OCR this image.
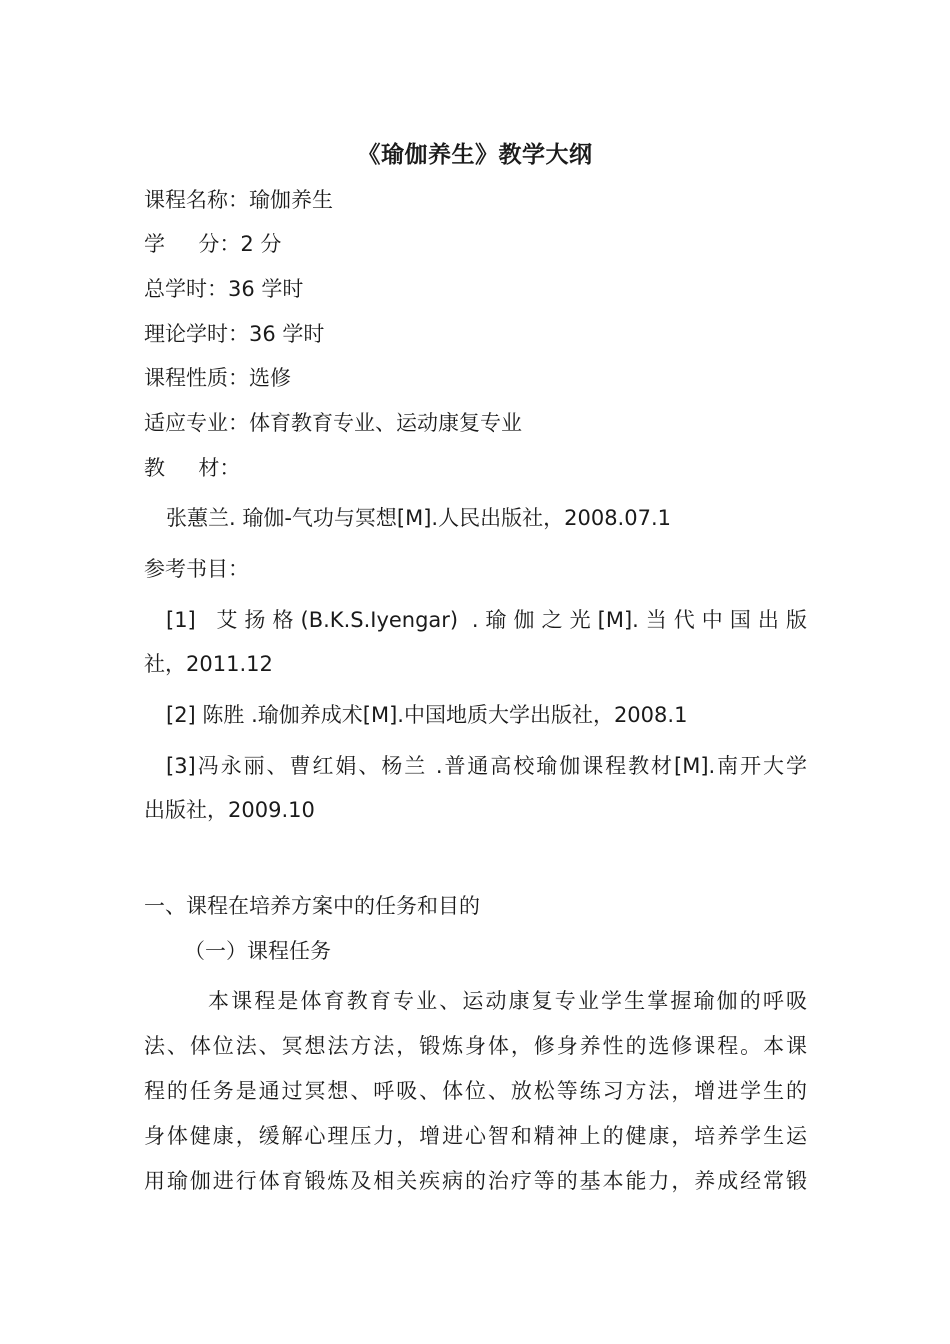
《瑜伽养生》教学大纲
课程名称：瑜伽养生
学     分：2 分
总学时：36 学时
理论学时：36 学时
课程性质：选修
适应专业：体育教育专业、运动康复专业
教     材：
张蕙兰. 瑜伽-气功与冥想[M].人民出版社，2008.07.1
参考书目：
[1]   艾 扬 格 (B.K.S.Iyengar)  . 瑜 伽 之 光 [M]. 当 代 中 国 出 版
社，2011.12
[2] 陈胜 .瑜伽养成术[M].中国地质大学出版社，2008.1
[3]冯永丽、曹红娟、杨兰 .普通高校瑜伽课程教材[M].南开大学
出版社，2009.10
一、课程在培养方案中的任务和目的
（一）课程任务
本课程是体育教育专业、运动康复专业学生掌握瑜伽的呼吸
法、体位法、冥想法方法，锻炼身体，修身养性的选修课程。本课
程的任务是通过冥想、呼吸、体位、放松等练习方法，增进学生的
身体健康，缓解心理压力，增进心智和精神上的健康，培养学生运
用瑜伽进行体育锻炼及相关疾病的治疗等的基本能力，养成经常锻
